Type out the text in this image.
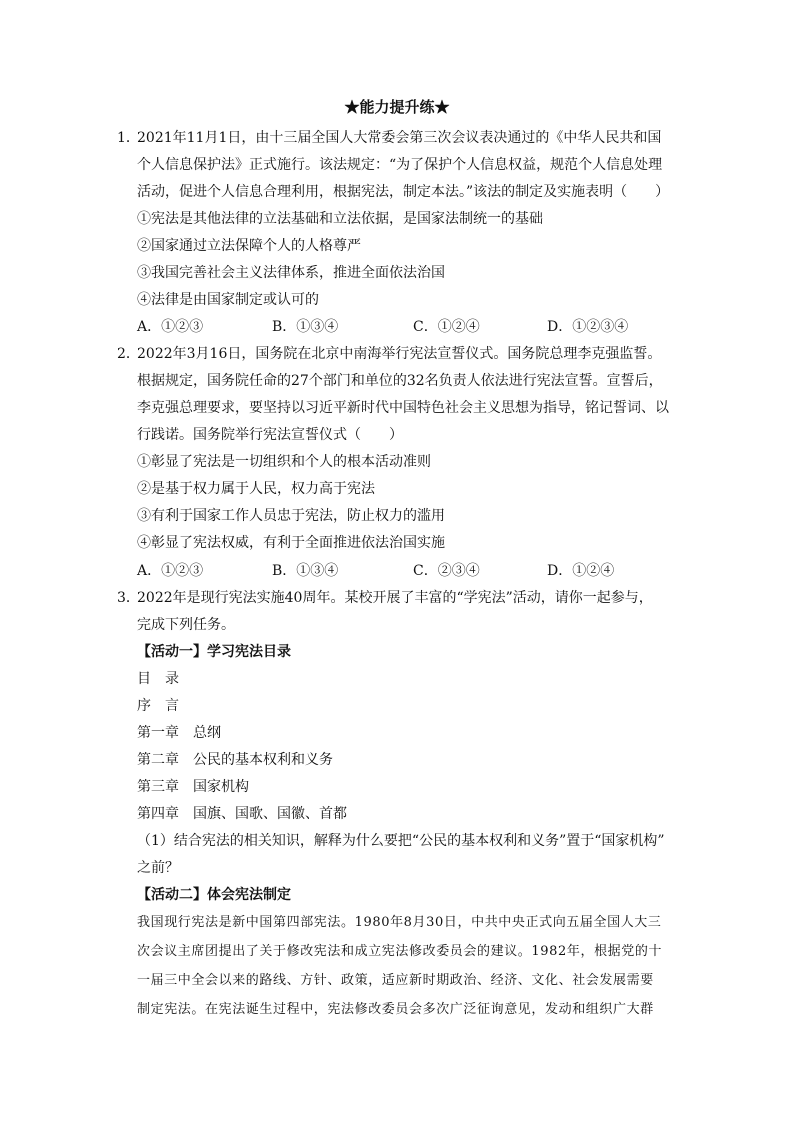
★能力提升练★
1．
2021年11月1日，由十三届全国人大常委会第三次会议表决通过的《中华人民共和国
个人信息保护法》正式施行。该法规定：“为了保护个人信息权益，规范个人信息处理
活动，促进个人信息合理利用，根据宪法，制定本法。”该法的制定及实施表明（　　）
①宪法是其他法律的立法基础和立法依据，是国家法制统一的基础
②国家通过立法保障个人的人格尊严
③我国完善社会主义法律体系，推进全面依法治国
④法律是由国家制定或认可的
A．①②③	B．①③④	C．①②④	D．①②③④
2．
2022年3月16日，国务院在北京中南海举行宪法宣誓仪式。国务院总理李克强监誓。
根据规定，国务院任命的27个部门和单位的32名负责人依法进行宪法宣誓。宣誓后，
李克强总理要求，要坚持以习近平新时代中国特色社会主义思想为指导，铭记誓词、以
行践诺。国务院举行宪法宣誓仪式（　　）
①彰显了宪法是一切组织和个人的根本活动准则
②是基于权力属于人民，权力高于宪法
③有利于国家工作人员忠于宪法，防止权力的滥用
④彰显了宪法权威，有利于全面推进依法治国实施
A．①②③	B．①③④	C．②③④	D．①②④
3．
2022年是现行宪法实施40周年。某校开展了丰富的“学宪法”活动，请你一起参与，
完成下列任务。
【活动一】学习宪法目录
目　录
序　言
第一章　总纲
第二章　公民的基本权利和义务
第三章　国家机构
第四章　国旗、国歌、国徽、首都
（1）结合宪法的相关知识，解释为什么要把“公民的基本权利和义务”置于“国家机构”
之前？
【活动二】体会宪法制定
我国现行宪法是新中国第四部宪法。1980年8月30日，中共中央正式向五届全国人大三
次会议主席团提出了关于修改宪法和成立宪法修改委员会的建议。1982年，根据党的十
一届三中全会以来的路线、方针、政策，适应新时期政治、经济、文化、社会发展需要
制定宪法。在宪法诞生过程中，宪法修改委员会多次广泛征询意见，发动和组织广大群
